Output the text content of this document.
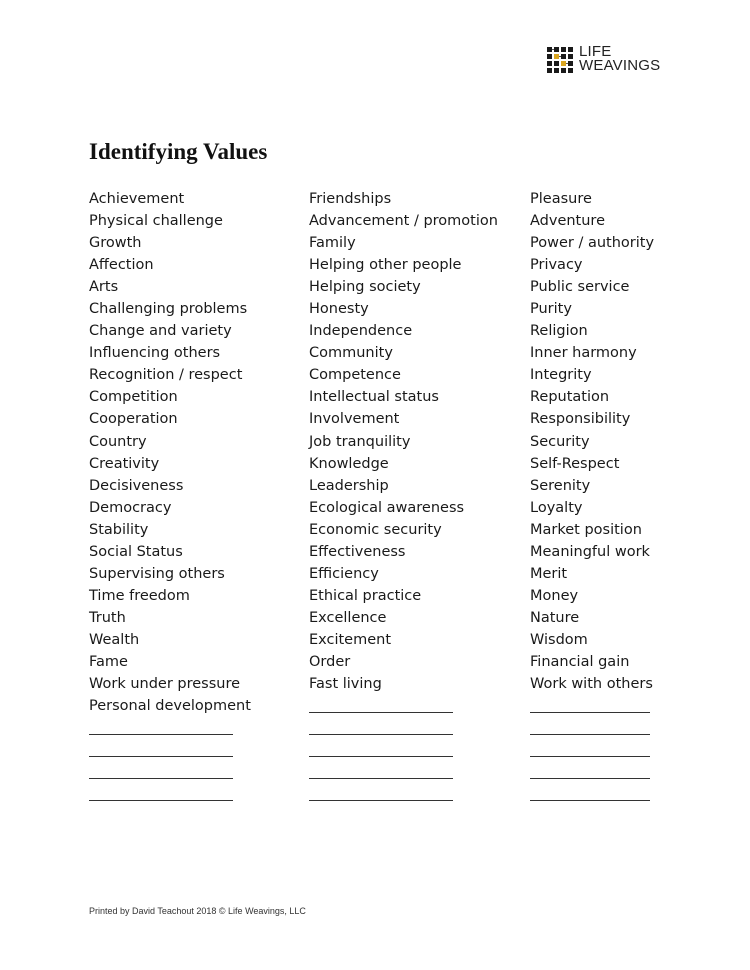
LIFE
WEAVINGS
Identifying Values
Achievement
Physical challenge
Growth
Affection
Arts
Challenging problems
Change and variety
Influencing others
Recognition / respect
Competition
Cooperation
Country
Creativity
Decisiveness
Democracy
Stability
Social Status
Supervising others
Time freedom
Truth
Wealth
Fame
Work under pressure
Personal development
Friendships
Advancement / promotion
Family
Helping other people
Helping society
Honesty
Independence
Community
Competence
Intellectual status
Involvement
Job tranquility
Knowledge
Leadership
Ecological awareness
Economic security
Effectiveness
Efficiency
Ethical practice
Excellence
Excitement
Order
Fast living
Pleasure
Adventure
Power / authority
Privacy
Public service
Purity
Religion
Inner harmony
Integrity
Reputation
Responsibility
Security
Self-Respect
Serenity
Loyalty
Market position
Meaningful work
Merit
Money
Nature
Wisdom
Financial gain
Work with others
Printed by David Teachout 2018 © Life Weavings, LLC
